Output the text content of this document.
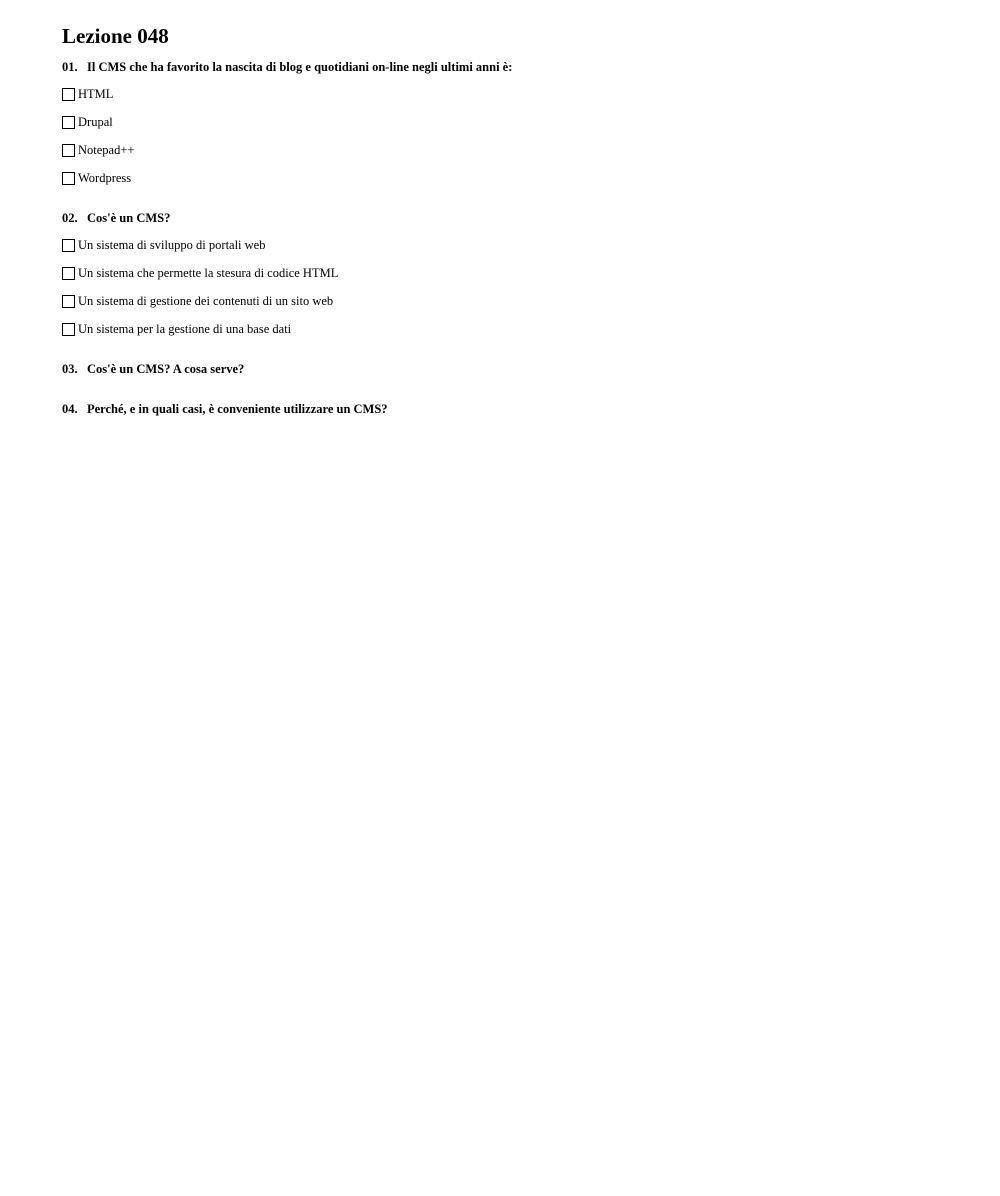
Lezione 048
01. Il CMS che ha favorito la nascita di blog e quotidiani on-line negli ultimi anni è:
HTML
Drupal
Notepad++
Wordpress
02. Cos'è un CMS?
Un sistema di sviluppo di portali web
Un sistema che permette la stesura di codice HTML
Un sistema di gestione dei contenuti di un sito web
Un sistema per la gestione di una base dati
03. Cos'è un CMS? A cosa serve?
04. Perché, e in quali casi, è conveniente utilizzare un CMS?
